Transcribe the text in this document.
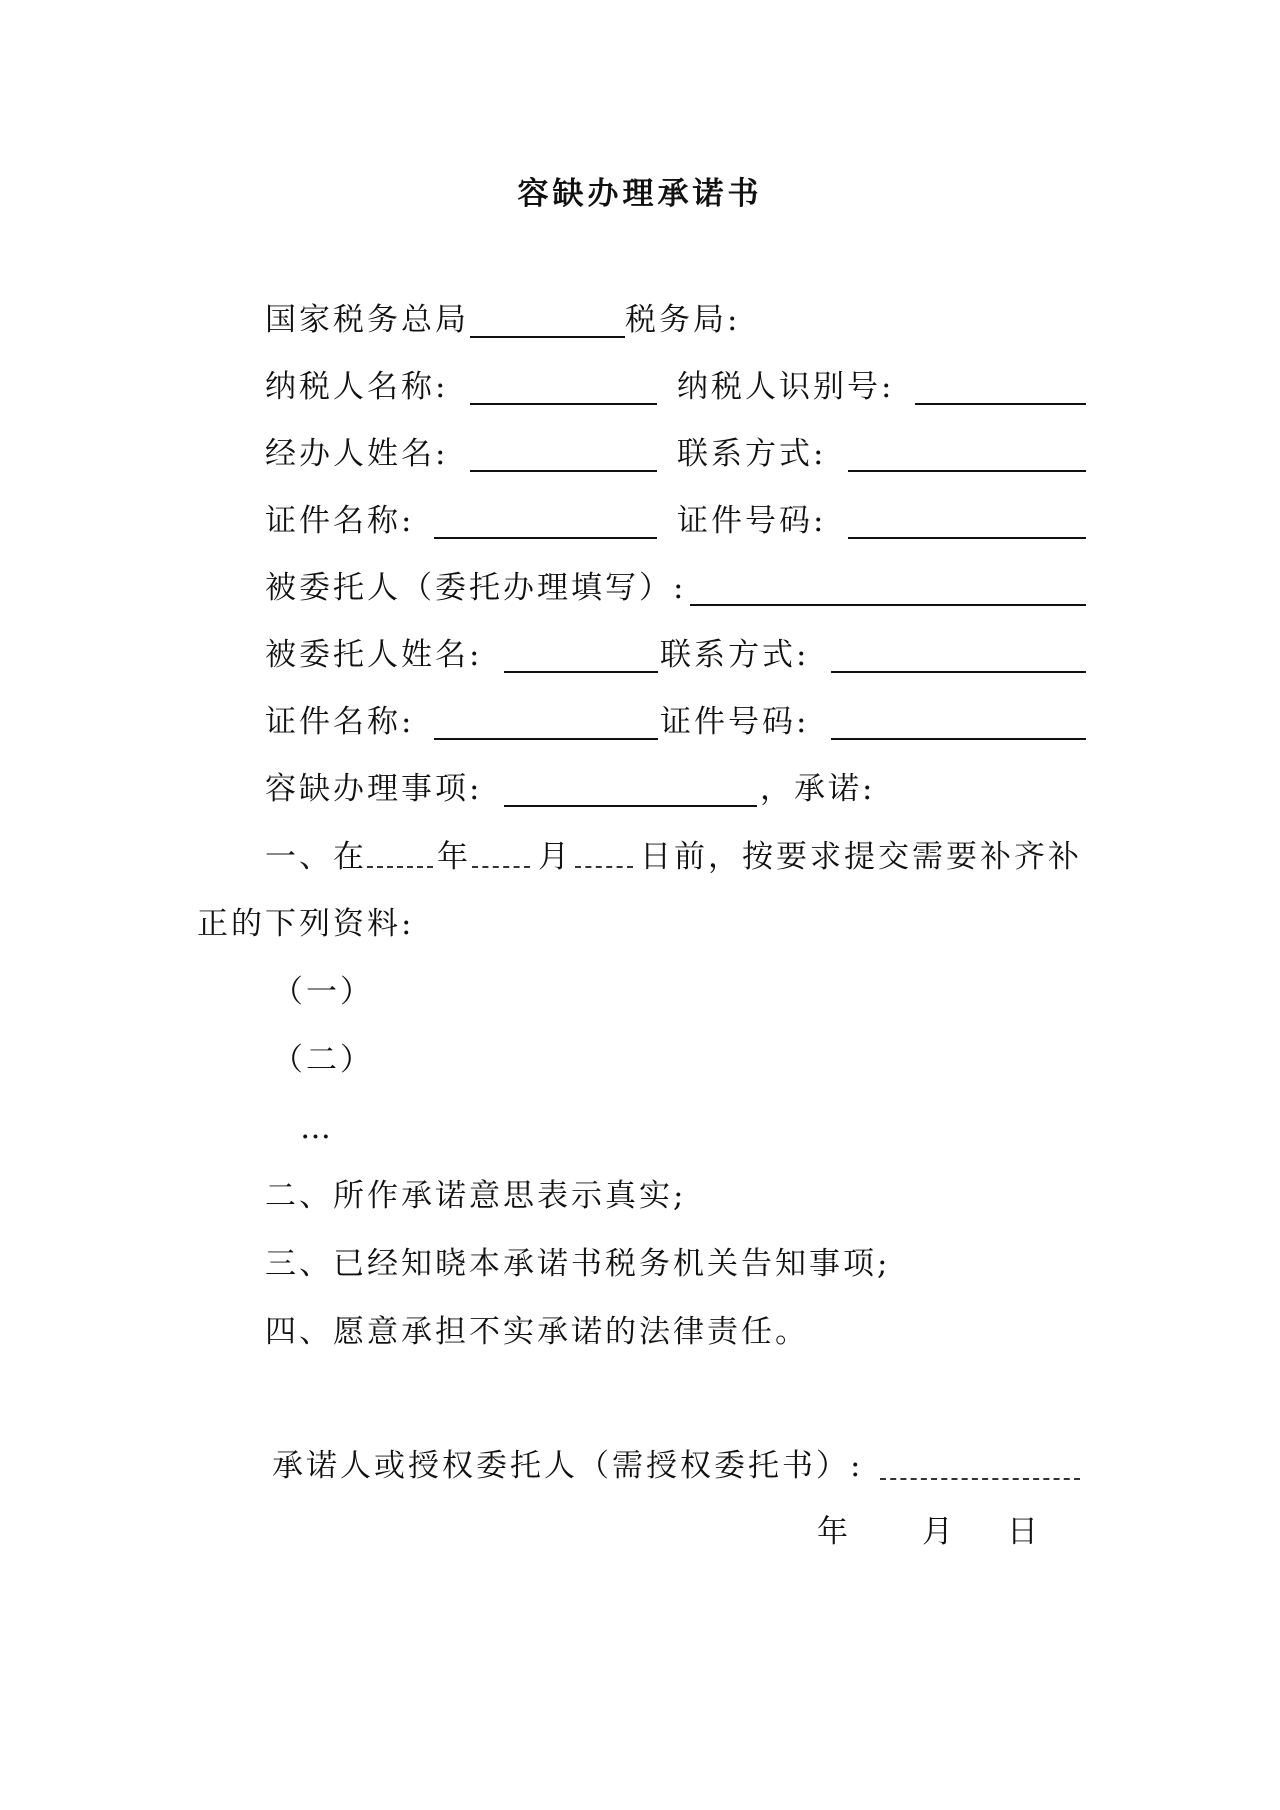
容缺办理承诺书
国家税务总局	税务局:
纳税人名称:	纳税人识别号:
经办人姓名:	联系方式:
证件名称:	证件号码:
被委托人（委托办理填写）:
被委托人姓名:	联系方式:
证件名称:	证件号码:
容缺办理事项:	，承诺:
一、在 年 月 日前，按要求提交需要补齐补
正的下列资料:
（一）
（二）
…
二、所作承诺意思表示真实;
三、已经知晓本承诺书税务机关告知事项;
四、愿意承担不实承诺的法律责任。
承诺人或授权委托人（需授权委托书）:
年 月 日
